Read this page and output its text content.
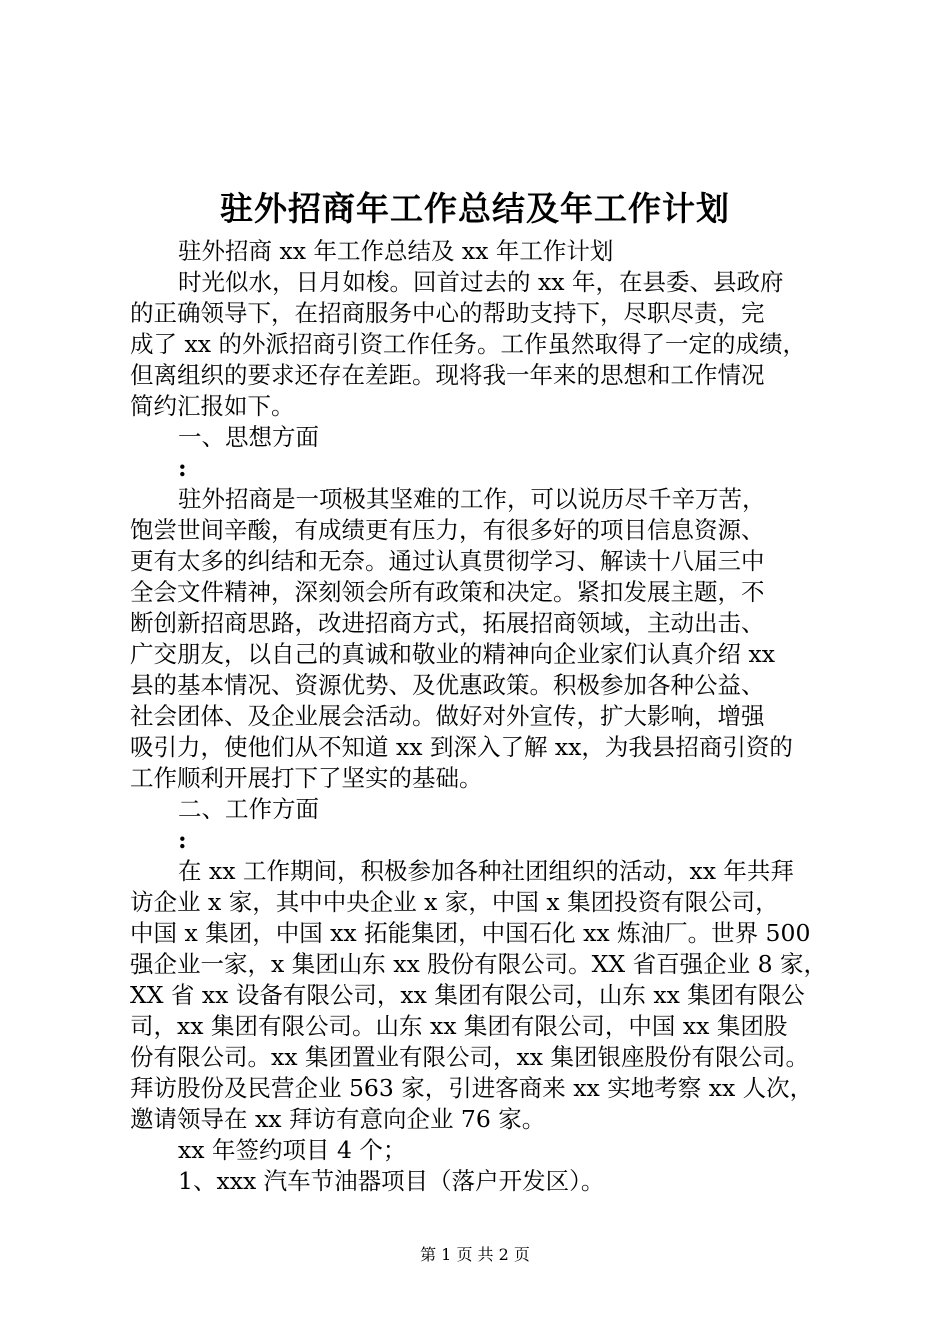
驻外招商年工作总结及年工作计划
驻外招商 xx 年工作总结及 xx 年工作计划
时光似水，日月如梭。回首过去的 xx 年，在县委、县政府
的正确领导下，在招商服务中心的帮助支持下，尽职尽责，完
成了 xx 的外派招商引资工作任务。工作虽然取得了一定的成绩，
但离组织的要求还存在差距。现将我一年来的思想和工作情况
简约汇报如下。
一、思想方面
:
驻外招商是一项极其坚难的工作，可以说历尽千辛万苦，
饱尝世间辛酸，有成绩更有压力，有很多好的项目信息资源、
更有太多的纠结和无奈。通过认真贯彻学习、解读十八届三中
全会文件精神，深刻领会所有政策和决定。紧扣发展主题，不
断创新招商思路，改进招商方式，拓展招商领域，主动出击、
广交朋友，以自己的真诚和敬业的精神向企业家们认真介绍 xx
县的基本情况、资源优势、及优惠政策。积极参加各种公益、
社会团体、及企业展会活动。做好对外宣传，扩大影响，增强
吸引力，使他们从不知道 xx 到深入了解 xx，为我县招商引资的
工作顺利开展打下了坚实的基础。
二、工作方面
:
在 xx 工作期间，积极参加各种社团组织的活动，xx 年共拜
访企业 x 家，其中中央企业 x 家，中国 x 集团投资有限公司，
中国 x 集团，中国 xx 拓能集团，中国石化 xx 炼油厂。世界 500
强企业一家，x 集团山东 xx 股份有限公司。XX 省百强企业 8 家，
XX 省 xx 设备有限公司，xx 集团有限公司，山东 xx 集团有限公
司，xx 集团有限公司。山东 xx 集团有限公司，中国 xx 集团股
份有限公司。xx 集团置业有限公司，xx 集团银座股份有限公司。
拜访股份及民营企业 563 家，引进客商来 xx 实地考察 xx 人次，
邀请领导在 xx 拜访有意向企业 76 家。
xx 年签约项目 4 个；
1、xxx 汽车节油器项目（落户开发区）。
第 1 页 共 2 页
